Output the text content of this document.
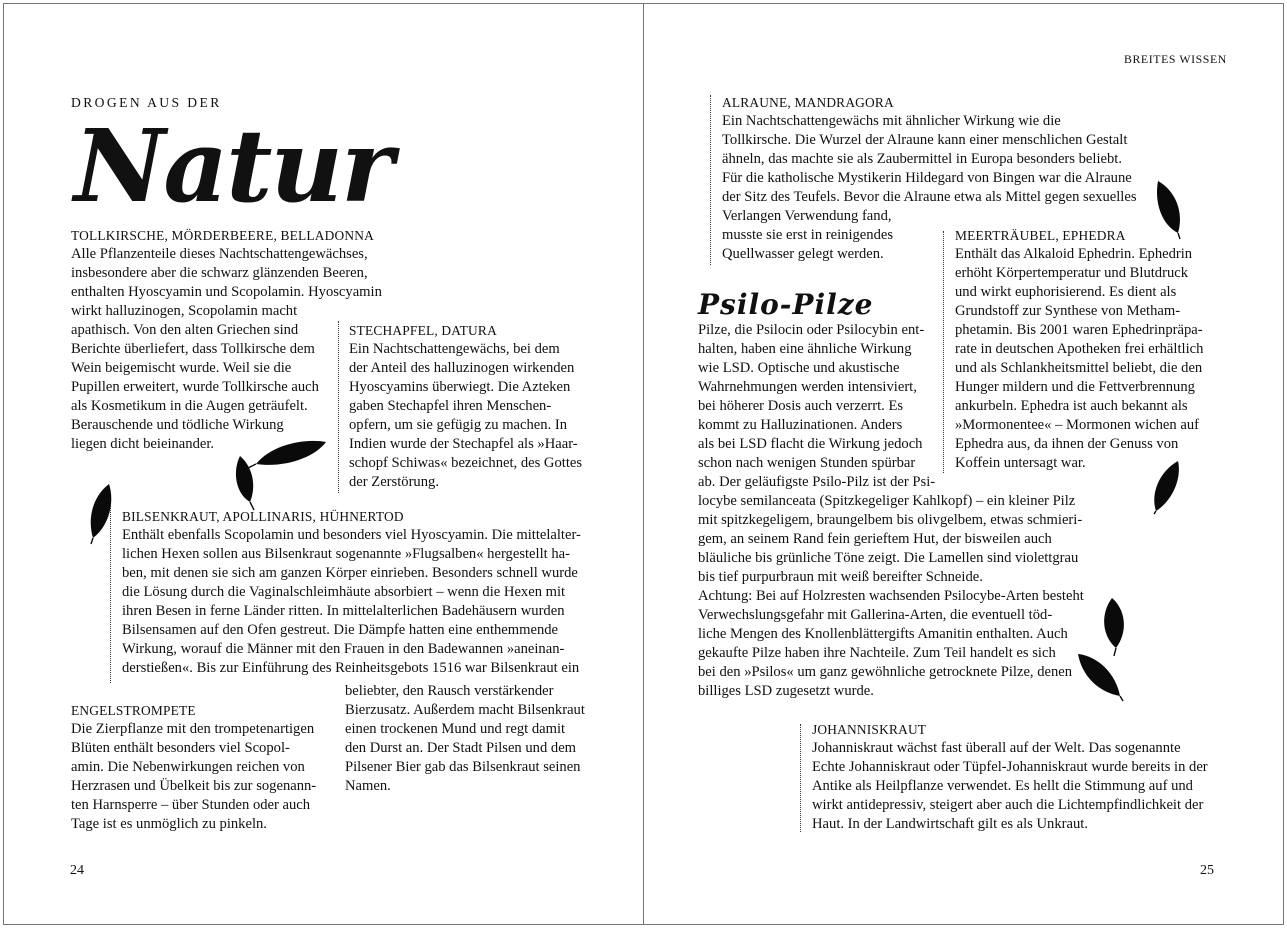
DROGEN AUS DER
Natur
TOLLKIRSCHE, MÖRDERBEERE, BELLADONNA

Alle Pflanzenteile dieses Nachtschattengewächses,

insbesondere aber die schwarz glänzenden Beeren,

enthalten Hyoscyamin und Scopolamin. Hyoscyamin

wirkt halluzinogen, Scopolamin macht

apathisch. Von den alten Griechen sind

Berichte überliefert, dass Tollkirsche dem

Wein beigemischt wurde. Weil sie die

Pupillen erweitert, wurde Tollkirsche auch

als Kosmetikum in die Augen geträufelt.

Berauschende und tödliche Wirkung

liegen dicht beieinander.

STECHAPFEL, DATURA

Ein Nachtschattengewächs, bei dem

der Anteil des halluzinogen wirkenden

Hyoscyamins überwiegt. Die Azteken

gaben Stechapfel ihren Menschen-

opfern, um sie gefügig zu machen. In

Indien wurde der Stechapfel als »Haar-

schopf Schiwas« bezeichnet, des Gottes

der Zerstörung.

BILSENKRAUT, APOLLINARIS, HÜHNERTOD

Enthält ebenfalls Scopolamin und besonders viel Hyoscyamin. Die mittelalter-

lichen Hexen sollen aus Bilsenkraut sogenannte »Flugsalben« hergestellt ha-

ben, mit denen sie sich am ganzen Körper einrieben. Besonders schnell wurde

die Lösung durch die Vaginalschleimhäute absorbiert – wenn die Hexen mit

ihren Besen in ferne Länder ritten. In mittelalterlichen Badehäusern wurden

Bilsensamen auf den Ofen gestreut. Die Dämpfe hatten eine enthemmende

Wirkung, worauf die Männer mit den Frauen in den Badewannen »aneinan-

derstießen«. Bis zur Einführung des Reinheitsgebots 1516 war Bilsenkraut ein

beliebter, den Rausch verstärkender

Bierzusatz. Außerdem macht Bilsenkraut

einen trockenen Mund und regt damit

den Durst an. Der Stadt Pilsen und dem

Pilsener Bier gab das Bilsenkraut seinen

Namen.

ENGELSTROMPETE

Die Zierpflanze mit den trompetenartigen

Blüten enthält besonders viel Scopol-

amin. Die Nebenwirkungen reichen von

Herzrasen und Übelkeit bis zur sogenann-

ten Harnsperre – über Stunden oder auch

Tage ist es unmöglich zu pinkeln.

24
BREITES WISSEN
ALRAUNE, MANDRAGORA

Ein Nachtschattengewächs mit ähnlicher Wirkung wie die

Tollkirsche. Die Wurzel der Alraune kann einer menschlichen Gestalt

ähneln, das machte sie als Zaubermittel in Europa besonders beliebt.

Für die katholische Mystikerin Hildegard von Bingen war die Alraune

der Sitz des Teufels. Bevor die Alraune etwa als Mittel gegen sexuelles

Verlangen Verwendung fand,

musste sie erst in reinigendes

Quellwasser gelegt werden.

MEERTRÄUBEL, EPHEDRA

Enthält das Alkaloid Ephedrin. Ephedrin

erhöht Körpertemperatur und Blutdruck

und wirkt euphorisierend. Es dient als

Grundstoff zur Synthese von Metham-

phetamin. Bis 2001 waren Ephedrinpräpa-

rate in deutschen Apotheken frei erhältlich

und als Schlankheitsmittel beliebt, die den

Hunger mildern und die Fettverbrennung

ankurbeln. Ephedra ist auch bekannt als

»Mormonentee« – Mormonen wichen auf

Ephedra aus, da ihnen der Genuss von

Koffein untersagt war.

Psilo-Pilze

Pilze, die Psilocin oder Psilocybin ent-

halten, haben eine ähnliche Wirkung

wie LSD. Optische und akustische

Wahrnehmungen werden intensiviert,

bei höherer Dosis auch verzerrt. Es

kommt zu Halluzinationen. Anders

als bei LSD flacht die Wirkung jedoch

schon nach wenigen Stunden spürbar

ab. Der geläufigste Psilo-Pilz ist der Psi-

locybe semilanceata (Spitzkegeliger Kahlkopf) – ein kleiner Pilz

mit spitzkegeligem, braungelbem bis olivgelbem, etwas schmieri-

gem, an seinem Rand fein gerieftem Hut, der bisweilen auch

bläuliche bis grünliche Töne zeigt. Die Lamellen sind violettgrau

bis tief purpurbraun mit weiß bereifter Schneide.

Achtung: Bei auf Holzresten wachsenden Psilocybe-Arten besteht

Verwechslungsgefahr mit Gallerina-Arten, die eventuell töd-

liche Mengen des Knollenblättergifts Amanitin enthalten. Auch

gekaufte Pilze haben ihre Nachteile. Zum Teil handelt es sich

bei den »Psilos« um ganz gewöhnliche getrocknete Pilze, denen

billiges LSD zugesetzt wurde.

JOHANNISKRAUT

Johanniskraut wächst fast überall auf der Welt. Das sogenannte

Echte Johanniskraut oder Tüpfel-Johanniskraut wurde bereits in der

Antike als Heilpflanze verwendet. Es hellt die Stimmung auf und

wirkt antidepressiv, steigert aber auch die Lichtempfindlichkeit der

Haut. In der Landwirtschaft gilt es als Unkraut.

25
